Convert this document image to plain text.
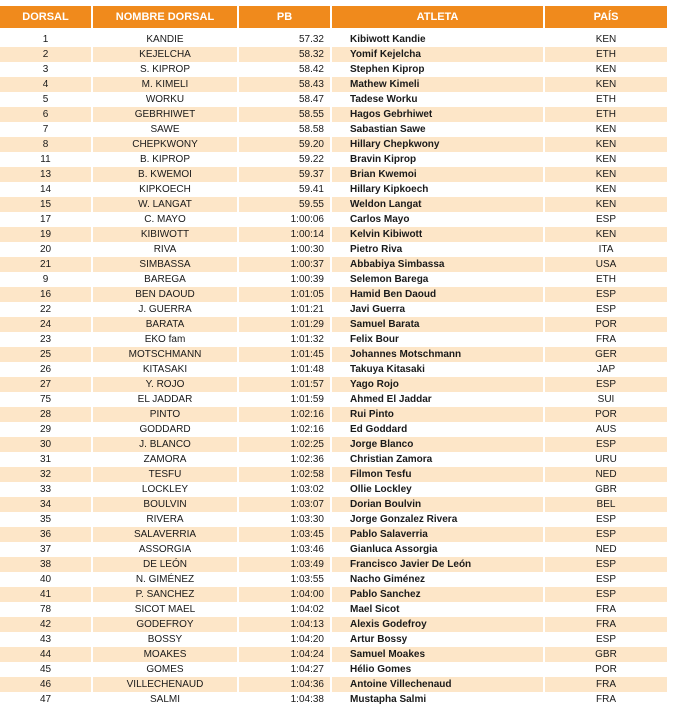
DORSAL	NOMBRE DORSAL	PB	ATLETA	PAÍS

1	KANDIE	57.32	Kibiwott Kandie	KEN
2	KEJELCHA	58.32	Yomif Kejelcha	ETH
3	S. KIPROP	58.42	Stephen Kiprop	KEN
4	M. KIMELI	58.43	Mathew Kimeli	KEN
5	WORKU	58.47	Tadese Worku	ETH
6	GEBRHIWET	58.55	Hagos Gebrhiwet	ETH
7	SAWE	58.58	Sabastian Sawe	KEN
8	CHEPKWONY	59.20	Hillary Chepkwony	KEN
11	B. KIPROP	59.22	Bravin Kiprop	KEN
13	B. KWEMOI	59.37	Brian Kwemoi	KEN
14	KIPKOECH	59.41	Hillary Kipkoech	KEN
15	W. LANGAT	59.55	Weldon Langat	KEN
17	C. MAYO	1:00:06	Carlos Mayo	ESP
19	KIBIWOTT	1:00:14	Kelvin Kibiwott	KEN
20	RIVA	1:00:30	Pietro Riva	ITA
21	SIMBASSA	1:00:37	Abbabiya Simbassa	USA
9	BAREGA	1:00:39	Selemon Barega	ETH
16	BEN DAOUD	1:01:05	Hamid Ben Daoud	ESP
22	J. GUERRA	1:01:21	Javi Guerra	ESP
24	BARATA	1:01:29	Samuel Barata	POR
23	EKO fam	1:01:32	Felix Bour	FRA
25	MOTSCHMANN	1:01:45	Johannes Motschmann	GER
26	KITASAKI	1:01:48	Takuya Kitasaki	JAP
27	Y. ROJO	1:01:57	Yago Rojo	ESP
75	EL JADDAR	1:01:59	Ahmed El Jaddar	SUI
28	PINTO	1:02:16	Rui Pinto	POR
29	GODDARD	1:02:16	Ed Goddard	AUS
30	J. BLANCO	1:02:25	Jorge Blanco	ESP
31	ZAMORA	1:02:36	Christian Zamora	URU
32	TESFU	1:02:58	Filmon Tesfu	NED
33	LOCKLEY	1:03:02	Ollie Lockley	GBR
34	BOULVIN	1:03:07	Dorian Boulvin	BEL
35	RIVERA	1:03:30	Jorge Gonzalez Rivera	ESP
36	SALAVERRIA	1:03:45	Pablo Salaverria	ESP
37	ASSORGIA	1:03:46	Gianluca Assorgia	NED
38	DE LEÓN	1:03:49	Francisco Javier De León	ESP
40	N. GIMÉNEZ	1:03:55	Nacho Giménez	ESP
41	P. SANCHEZ	1:04:00	Pablo Sanchez	ESP
78	SICOT MAEL	1:04:02	Mael Sicot	FRA
42	GODEFROY	1:04:13	Alexis Godefroy	FRA
43	BOSSY	1:04:20	Artur Bossy	ESP
44	MOAKES	1:04:24	Samuel Moakes	GBR
45	GOMES	1:04:27	Hélio Gomes	POR
46	VILLECHENAUD	1:04:36	Antoine Villechenaud	FRA
47	SALMI	1:04:38	Mustapha Salmi	FRA
